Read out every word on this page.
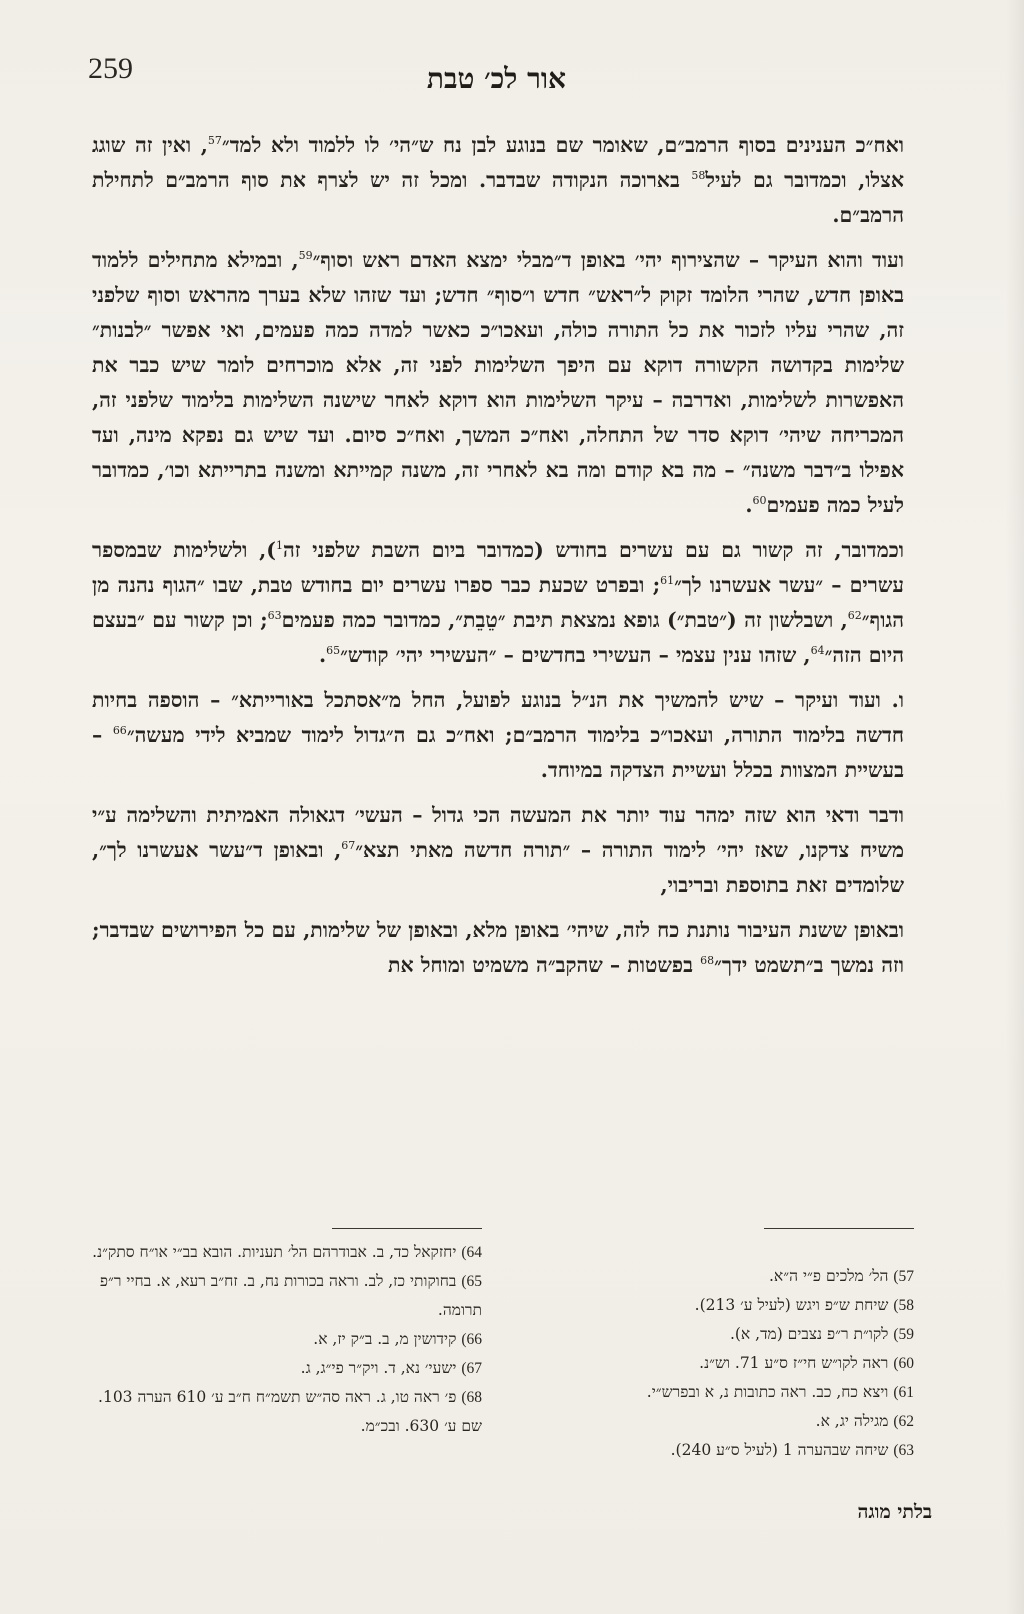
259	אור לכ׳ טבת

ואח״כ הענינים בסוף הרמב״ם, שאומר שם בנוגע לבן נח ש״הי׳ לו ללמוד ולא למד״$^{57}$, ואין זה שוגג אצלו, וכמדובר גם לעיל$^{58}$ בארוכה הנקודה שבדבר. ומכל זה יש לצרף את סוף הרמב״ם לתחילת הרמב״ם.

ועוד והוא העיקר – שהצירוף יהי׳ באופן ד״מבלי ימצא האדם ראש וסוף״$^{59}$, ובמילא מתחילים ללמוד באופן חדש, שהרי הלומד זקוק ל״ראש״ חדש ו״סוף״ חדש; ועד שזהו שלא בערך מהראש וסוף שלפני זה, שהרי עליו לזכור את כל התורה כולה, ועאכו״כ כאשר למדה כמה פעמים, ואי אפשר ״לבנות״ שלימות בקדושה הקשורה דוקא עם היפך השלימות לפני זה, אלא מוכרחים לומר שיש כבר את האפשרות לשלימות, ואדרבה – עיקר השלימות הוא דוקא לאחר שישנה השלימות בלימוד שלפני זה, המכריחה שיהי׳ דוקא סדר של התחלה, ואח״כ המשך, ואח״כ סיום. ועד שיש גם נפקא מינה, ועד אפילו ב״דבר משנה״ – מה בא קודם ומה בא לאחרי זה, משנה קמייתא ומשנה בתרייתא וכו׳, כמדובר לעיל כמה פעמים$^{60}$.

וכמדובר, זה קשור גם עם עשרים בחודש (כמדובר ביום השבת שלפני זה$^1$), ולשלימות שבמספר עשרים – ״עשר אעשרנו לך״$^{61}$; ובפרט שכעת כבר ספרו עשרים יום בחודש טבת, שבו ״הגוף נהנה מן הגוף״$^{62}$, ושבלשון זה (״טבת״) גופא נמצאת תיבת ״טֵבֵת״, כמדובר כמה פעמים$^{63}$; וכן קשור עם ״בעצם היום הזה״$^{64}$, שזהו ענין עצמי – העשירי בחדשים – ״העשירי יהי׳ קודש״$^{65}$.

ו. ועוד ועיקר – שיש להמשיך את הנ״ל בנוגע לפועל, החל מ״אסתכל באורייתא״ – הוספה בחיות חדשה בלימוד התורה, ועאכו״כ בלימוד הרמב״ם; ואח״כ גם ה״גדול לימוד שמביא לידי מעשה״$^{66}$ – בעשיית המצוות בכלל ועשיית הצדקה במיוחד.

ודבר ודאי הוא שזה ימהר עוד יותר את המעשה הכי גדול – העשי׳ דגאולה האמיתית והשלימה ע״י משיח צדקנו, שאז יהי׳ לימוד התורה – ״תורה חדשה מאתי תצא״$^{67}$, ובאופן ד״עשר אעשרנו לך״, שלומדים זאת בתוספת ובריבוי,

ובאופן ששנת העיבור נותנת כח לזה, שיהי׳ באופן מלא, ובאופן של שלימות, עם כל הפירושים שבדבר; וזה נמשך ב״תשמט ידך״$^{68}$ בפשטות – שהקב״ה משמיט ומוחל את

57) הל׳ מלכים פ״י ה״א.

58) שיחת ש״פ ויגש (לעיל ע׳ 213).

59) לקו״ת ר״פ נצבים (מד, א).

60) ראה לקו״ש חי״ז ס״ע 71. וש״נ.

61) ויצא כח, כב. ראה כתובות נ, א ובפרש״י.

62) מגילה יג, א.

63) שיחה שבהערה 1 (לעיל ס״ע 240).

64) יחזקאל כד, ב. אבודרהם הל׳ תעניות. הובא בב״י או״ח סתק״נ.

65) בחוקותי כז, לב. וראה בכורות נח, ב. זח״ב רעא, א. בחיי ר״פ תרומה.

66) קידושין מ, ב. ב״ק יז, א.

67) ישעי׳ נא, ד. ויק״ר פי״ג, ג.

68) פ׳ ראה טו, ג. ראה סה״ש תשמ״ח ח״ב ע׳ 610 הערה 103. שם ע׳ 630. ובכ״מ.

בלתי מוגה
